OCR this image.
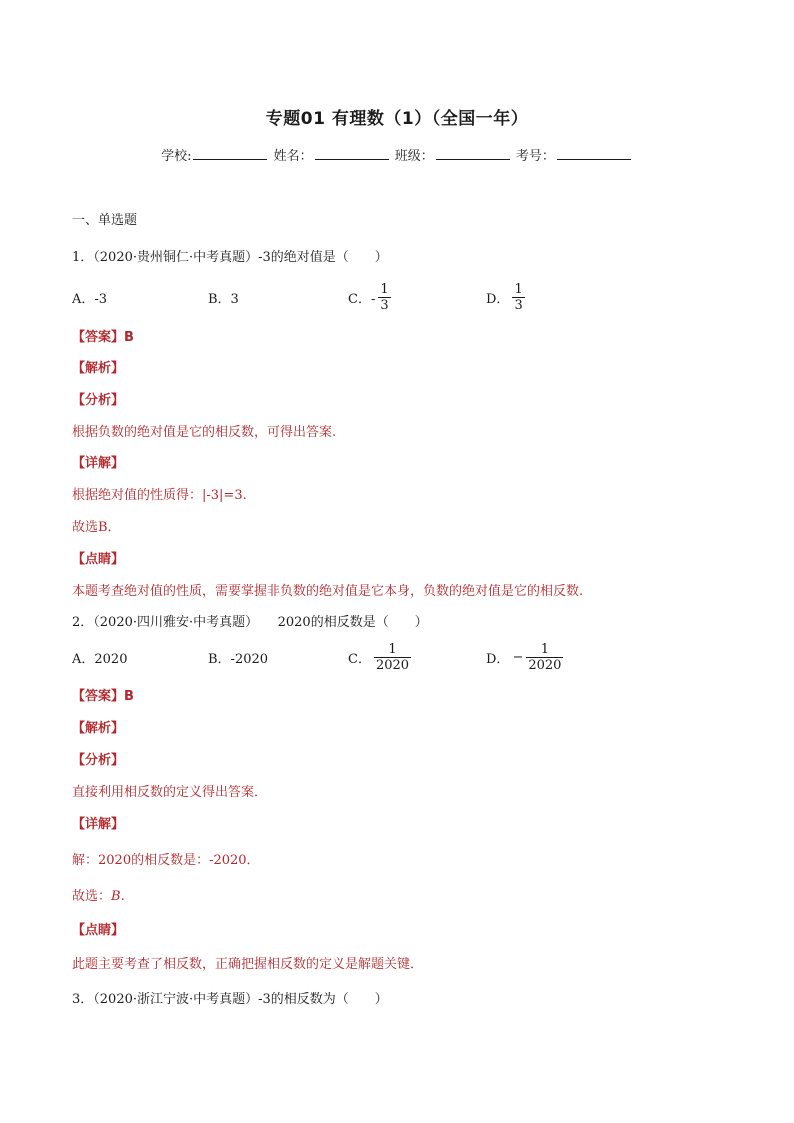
专题01 有理数（1）（全国一年）
学校:	姓名：	班级：	考号：
一、单选题
1．（2020·贵州铜仁·中考真题）-3的绝对值是（　　）
A．-3	B．3	C．- $\frac{1}{3}$	D． $\frac{1}{3}$
【答案】B
【解析】
【分析】
根据负数的绝对值是它的相反数，可得出答案.
【详解】
根据绝对值的性质得：|-3|=3.
故选B．
【点睛】
本题考查绝对值的性质，需要掌握非负数的绝对值是它本身，负数的绝对值是它的相反数.
2．（2020·四川雅安·中考真题）　　2020的相反数是（　　）
A．2020	B．-2020	C． $\frac{1}{2020}$	D． − $\frac{1}{2020}$
【答案】B
【解析】
【分析】
直接利用相反数的定义得出答案．
【详解】
解：2020的相反数是：-2020．
故选：B.
【点睛】
此题主要考查了相反数，正确把握相反数的定义是解题关键．
3．（2020·浙江宁波·中考真题）-3的相反数为（　　）
